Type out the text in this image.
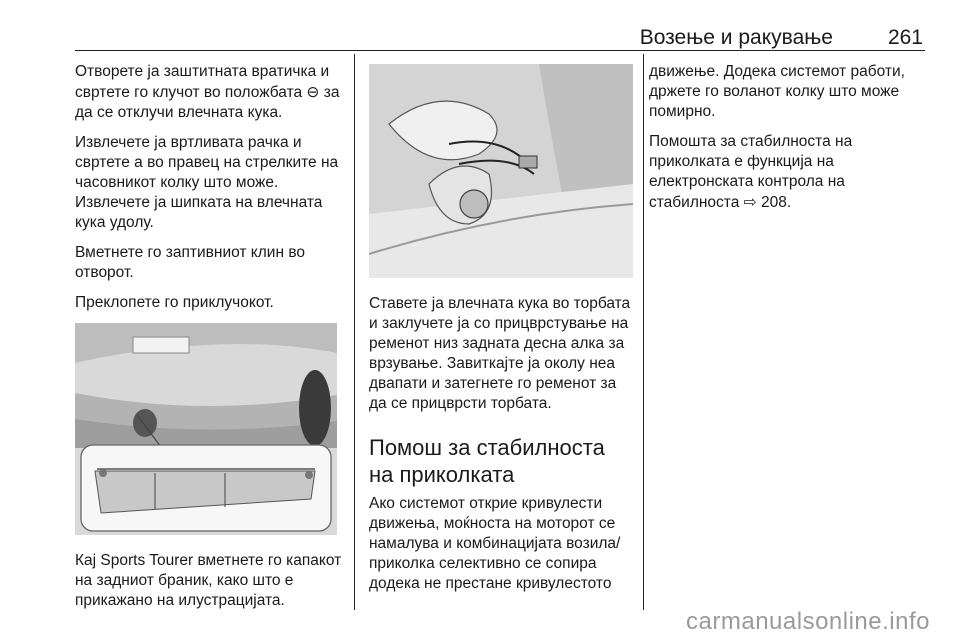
Возење и ракување	261

Отворете ја заштитната вратичка и свртете го клучот во положбата ⊖ за да се отклучи влечната кука.

Извлечете ја вртливата рачка и свртете а во правец на стрелките на часовникот колку што може. Извлечете ја шипката на влечната кука удолу.

Вметнете го заптивниот клин во отворот.

Преклопете го приклучокот.

Кај Sports Tourer вметнете го капакот на задниот браник, како што е прикажано на илустрацијата.

Ставете ја влечната кука во торбата и заклучете ја со прицврстување на ременот низ задната десна алка за врзување. Завиткајте ја околу неа двапати и затегнете го ременот за да се прицврсти торбата.

Помош за стабилноста на приколката

Ако системот открие кривулести движења, моќноста на моторот се намалува и комбинацијата возила/ приколка селективно се сопира додека не престане кривулестото

движење. Додека системот работи, држете го воланот колку што може помирно.

Помошта за стабилноста на приколката е функција на електронската контрола на стабилноста ⇨ 208.

carmanualsonline.info
